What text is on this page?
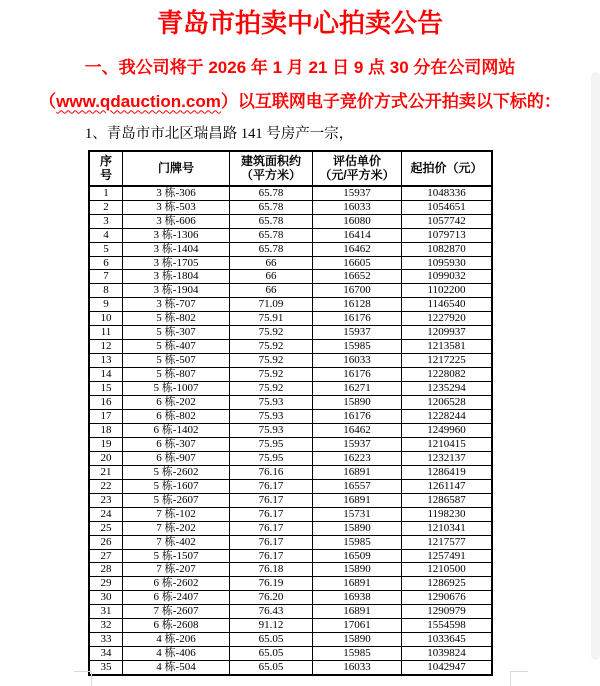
青岛市拍卖中心拍卖公告

一、我公司将于 2026 年 1 月 21 日 9 点 30 分在公司网站

（www.qdauction.com）以互联网电子竞价方式公开拍卖以下标的：

1、青岛市市北区瑞昌路 141 号房产一宗，

序
号	门牌号	建筑面积约
（平方米）	评估单价
（元/平方米）	起拍价（元）
1	3 栋-306	65.78	15937	1048336
2	3 栋-503	65.78	16033	1054651
3	3 栋-606	65.78	16080	1057742
4	3 栋-1306	65.78	16414	1079713
5	3 栋-1404	65.78	16462	1082870
6	3 栋-1705	66	16605	1095930
7	3 栋-1804	66	16652	1099032
8	3 栋-1904	66	16700	1102200
9	3 栋-707	71.09	16128	1146540
10	5 栋-802	75.91	16176	1227920
11	5 栋-307	75.92	15937	1209937
12	5 栋-407	75.92	15985	1213581
13	5 栋-507	75.92	16033	1217225
14	5 栋-807	75.92	16176	1228082
15	5 栋-1007	75.92	16271	1235294
16	6 栋-202	75.93	15890	1206528
17	6 栋-802	75.93	16176	1228244
18	6 栋-1402	75.93	16462	1249960
19	6 栋-307	75.95	15937	1210415
20	6 栋-907	75.95	16223	1232137
21	5 栋-2602	76.16	16891	1286419
22	5 栋-1607	76.17	16557	1261147
23	5 栋-2607	76.17	16891	1286587
24	7 栋-102	76.17	15731	1198230
25	7 栋-202	76.17	15890	1210341
26	7 栋-402	76.17	15985	1217577
27	5 栋-1507	76.17	16509	1257491
28	7 栋-207	76.18	15890	1210500
29	6 栋-2602	76.19	16891	1286925
30	6 栋-2407	76.20	16938	1290676
31	7 栋-2607	76.43	16891	1290979
32	6 栋-2608	91.12	17061	1554598
33	4 栋-206	65.05	15890	1033645
34	4 栋-406	65.05	15985	1039824
35	4 栋-504	65.05	16033	1042947
